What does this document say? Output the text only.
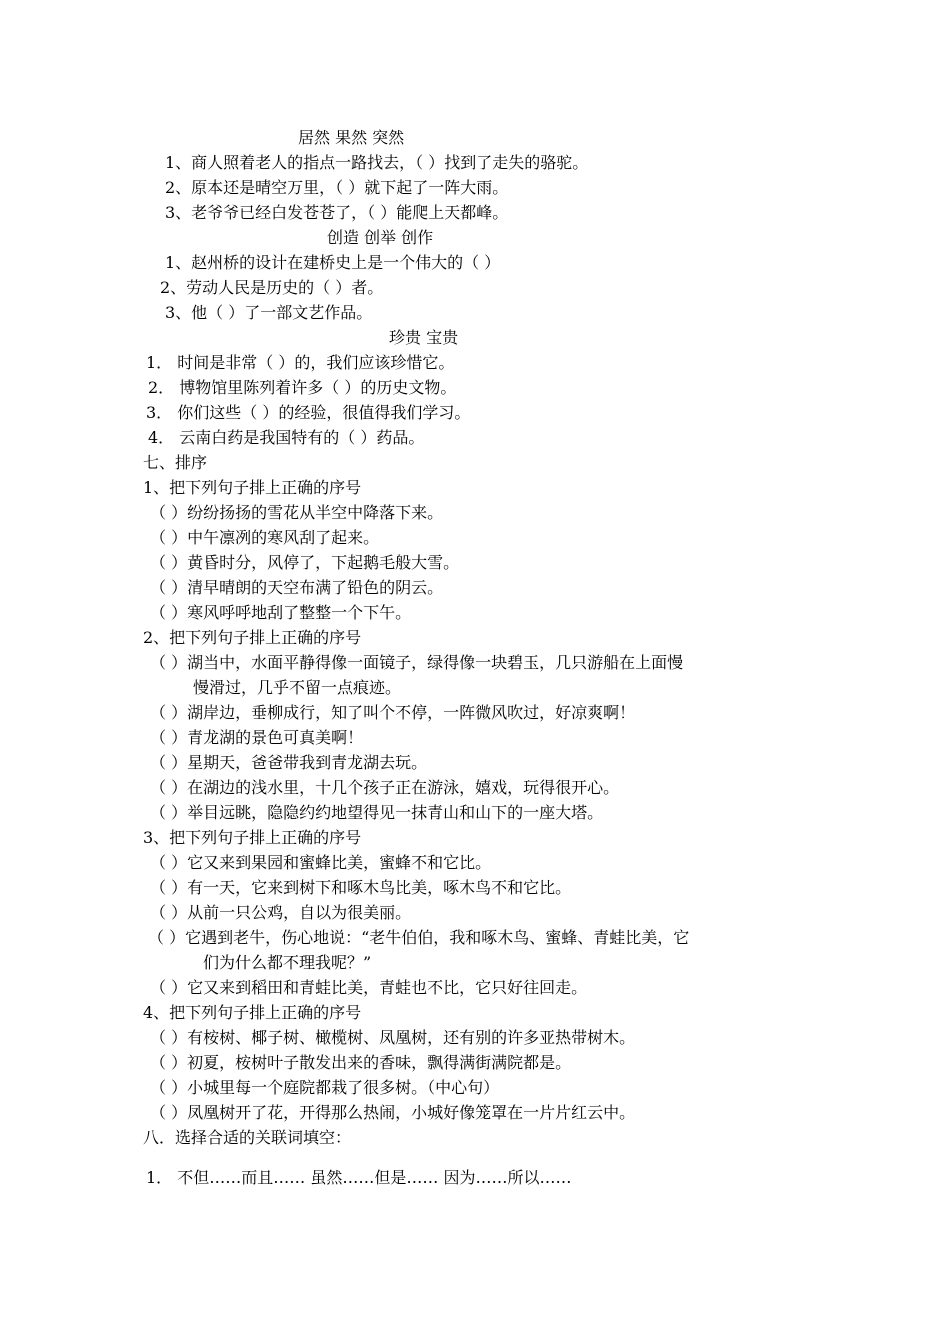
居然 果然 突然
1、商人照着老人的指点一路找去，（ ）找到了走失的骆驼。
2、原本还是晴空万里，（ ）就下起了一阵大雨。
3、老爷爷已经白发苍苍了，（ ）能爬上天都峰。
创造 创举 创作
1、赵州桥的设计在建桥史上是一个伟大的（ ）
2、劳动人民是历史的（ ）者。
3、他（ ）了一部文艺作品。
珍贵 宝贵
1． 时间是非常（ ）的，我们应该珍惜它。
2． 博物馆里陈列着许多（ ）的历史文物。
3． 你们这些（ ）的经验，很值得我们学习。
4． 云南白药是我国特有的（ ）药品。
七、排序
1、把下列句子排上正确的序号
（ ）纷纷扬扬的雪花从半空中降落下来。
（ ）中午凛冽的寒风刮了起来。
（ ）黄昏时分，风停了，下起鹅毛般大雪。
（ ）清早晴朗的天空布满了铅色的阴云。
（ ）寒风呼呼地刮了整整一个下午。
2、把下列句子排上正确的序号
（ ）湖当中，水面平静得像一面镜子，绿得像一块碧玉，几只游船在上面慢
慢滑过，几乎不留一点痕迹。
（ ）湖岸边，垂柳成行，知了叫个不停，一阵微风吹过，好凉爽啊！
（ ）青龙湖的景色可真美啊！
（ ）星期天，爸爸带我到青龙湖去玩。
（ ）在湖边的浅水里，十几个孩子正在游泳，嬉戏，玩得很开心。
（ ）举目远眺，隐隐约约地望得见一抹青山和山下的一座大塔。
3、把下列句子排上正确的序号
（ ）它又来到果园和蜜蜂比美，蜜蜂不和它比。
（ ）有一天，它来到树下和啄木鸟比美，啄木鸟不和它比。
（ ）从前一只公鸡，自以为很美丽。
（ ）它遇到老牛，伤心地说：“老牛伯伯，我和啄木鸟、蜜蜂、青蛙比美，它
们为什么都不理我呢？”
（ ）它又来到稻田和青蛙比美，青蛙也不比，它只好往回走。
4、把下列句子排上正确的序号
（ ）有桉树、椰子树、橄榄树、凤凰树，还有别的许多亚热带树木。
（ ）初夏，桉树叶子散发出来的香味，飘得满街满院都是。
（ ）小城里每一个庭院都栽了很多树。（中心句）
（ ）凤凰树开了花，开得那么热闹，小城好像笼罩在一片片红云中。
八．选择合适的关联词填空：
1． 不但……而且…… 虽然……但是…… 因为……所以……
